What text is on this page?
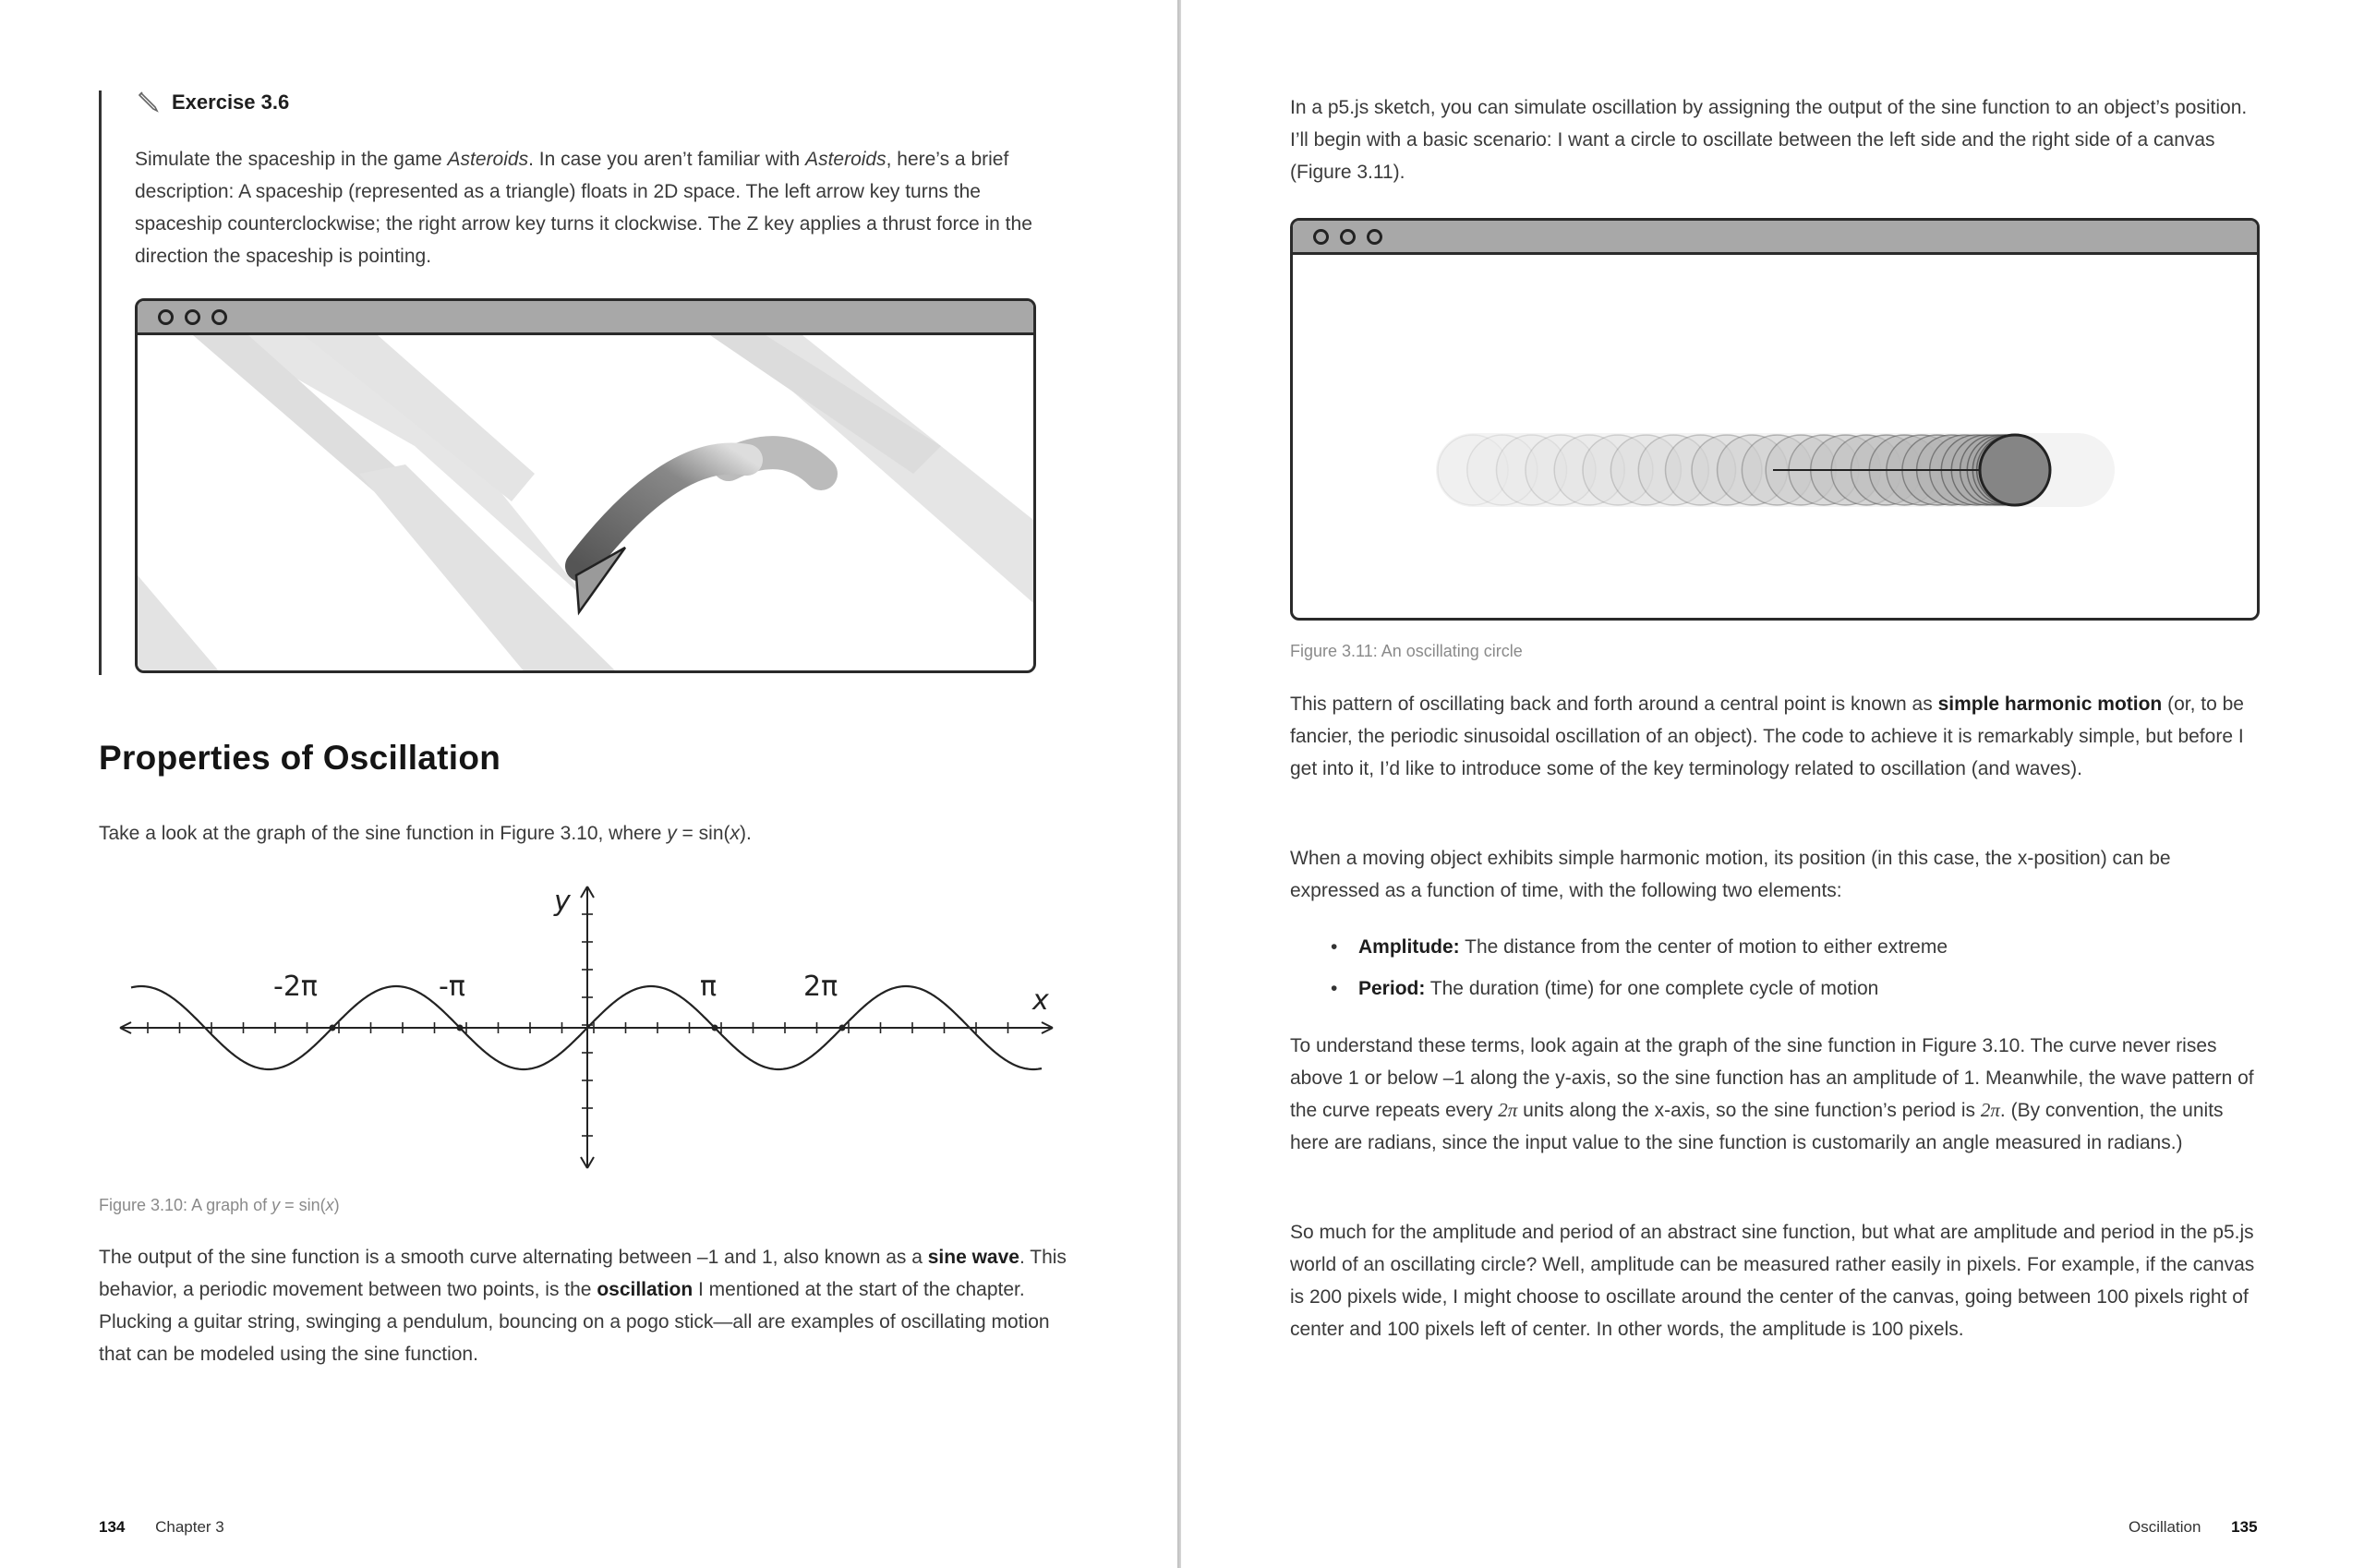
Exercise 3.6

Simulate the spaceship in the game Asteroids. In case you aren’t familiar with Asteroids, here’s a brief description: A spaceship (represented as a triangle) floats in 2D space. The left arrow key turns the spaceship counterclockwise; the right arrow key turns it clockwise. The Z key applies a thrust force in the direction the spaceship is pointing.

Properties of Oscillation

Take a look at the graph of the sine function in Figure 3.10, where y = sin(x).

y
x
-2π	-π	π	2π

Figure 3.10: A graph of y = sin(x)

The output of the sine function is a smooth curve alternating between –1 and 1, also known as a sine wave. This behavior, a periodic movement between two points, is the oscillation I mentioned at the start of the chapter. Plucking a guitar string, swinging a pendulum, bouncing on a pogo stick—all are examples of oscillating motion that can be modeled using the sine function.

134 Chapter 3

In a p5.js sketch, you can simulate oscillation by assigning the output of the sine function to an object’s position. I’ll begin with a basic scenario: I want a circle to oscillate between the left side and the right side of a canvas (Figure 3.11).

Figure 3.11: An oscillating circle

This pattern of oscillating back and forth around a central point is known as simple harmonic motion (or, to be fancier, the periodic sinusoidal oscillation of an object). The code to achieve it is remarkably simple, but before I get into it, I’d like to introduce some of the key terminology related to oscillation (and waves).

When a moving object exhibits simple harmonic motion, its position (in this case, the x-position) can be expressed as a function of time, with the following two elements:

• Amplitude: The distance from the center of motion to either extreme
• Period: The duration (time) for one complete cycle of motion

To understand these terms, look again at the graph of the sine function in Figure 3.10. The curve never rises above 1 or below –1 along the y-axis, so the sine function has an amplitude of 1. Meanwhile, the wave pattern of the curve repeats every 2π units along the x-axis, so the sine function’s period is 2π. (By convention, the units here are radians, since the input value to the sine function is customarily an angle measured in radians.)

So much for the amplitude and period of an abstract sine function, but what are amplitude and period in the p5.js world of an oscillating circle? Well, amplitude can be measured rather easily in pixels. For example, if the canvas is 200 pixels wide, I might choose to oscillate around the center of the canvas, going between 100 pixels right of center and 100 pixels left of center. In other words, the amplitude is 100 pixels.

Oscillation 135
